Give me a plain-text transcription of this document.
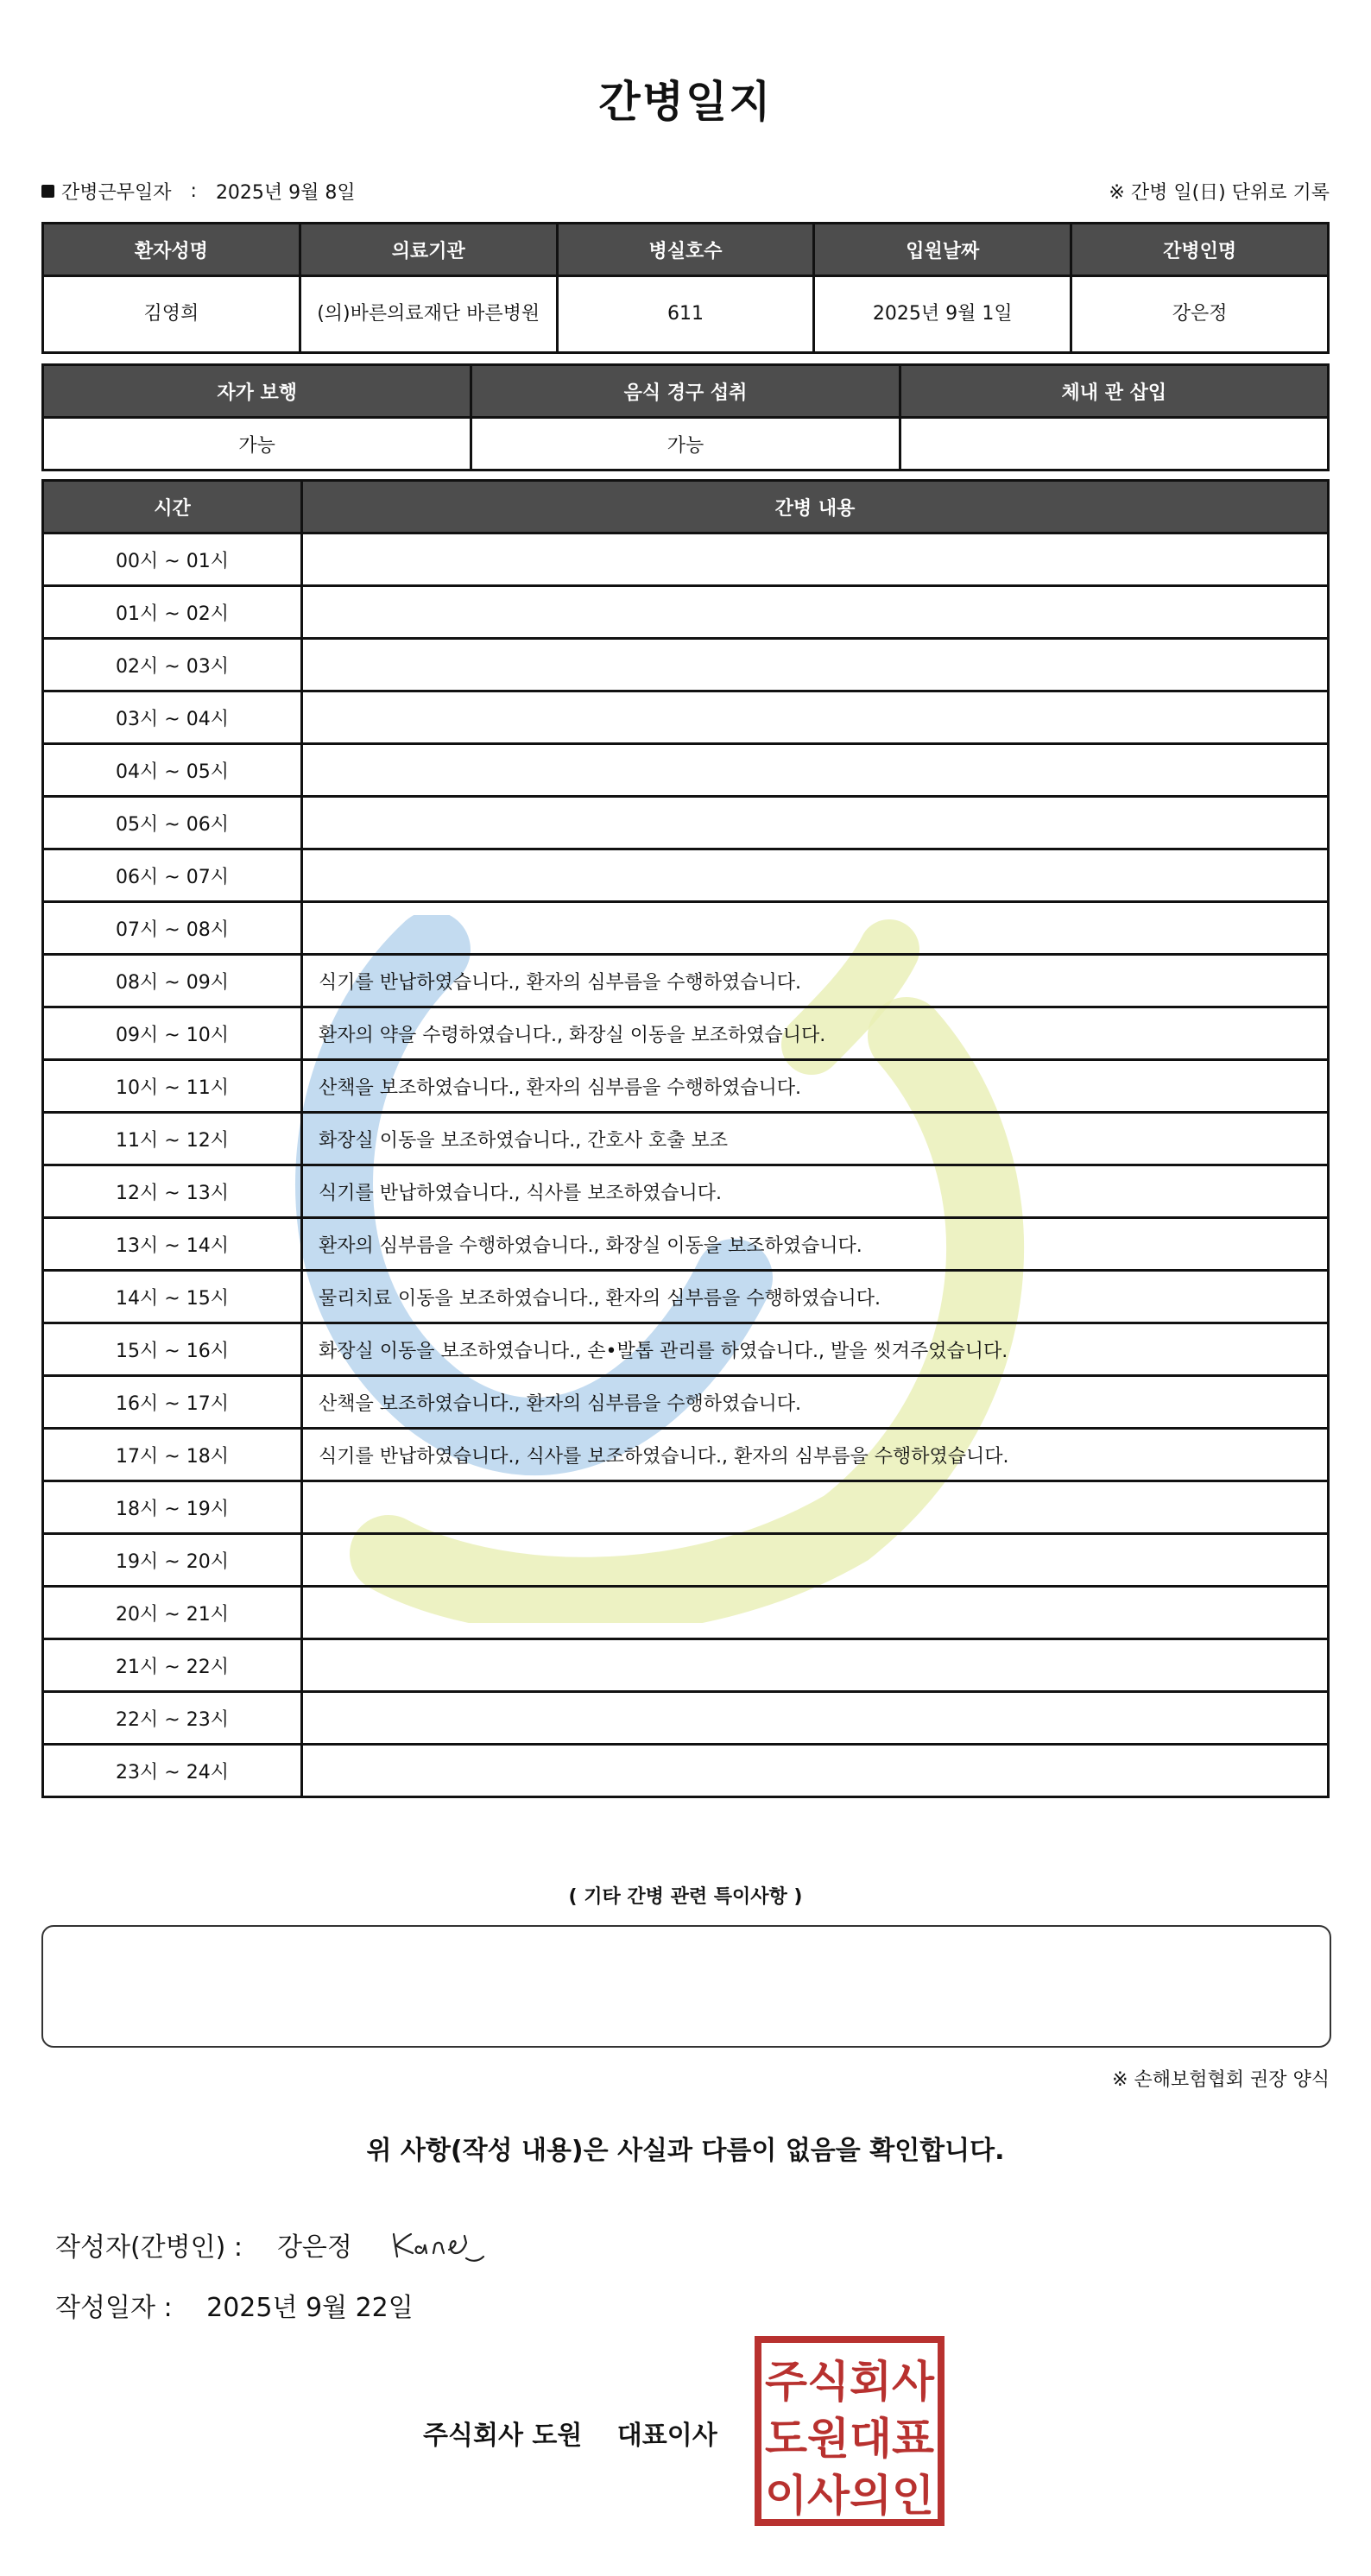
간병일지
간병근무일자 : 2025년 9월 8일	※ 간병 일(日) 단위로 기록
환자성명	의료기관	병실호수	입원날짜	간병인명
김영희	(의)바른의료재단 바른병원	611	2025년 9월 1일	강은정
자가 보행	음식 경구 섭취	체내 관 삽입
가능	가능	
시간	간병 내용
00시 ~ 01시	
01시 ~ 02시	
02시 ~ 03시	
03시 ~ 04시	
04시 ~ 05시	
05시 ~ 06시	
06시 ~ 07시	
07시 ~ 08시	
08시 ~ 09시	식기를 반납하였습니다., 환자의 심부름을 수행하였습니다.
09시 ~ 10시	환자의 약을 수령하였습니다., 화장실 이동을 보조하였습니다.
10시 ~ 11시	산책을 보조하였습니다., 환자의 심부름을 수행하였습니다.
11시 ~ 12시	화장실 이동을 보조하였습니다., 간호사 호출 보조
12시 ~ 13시	식기를 반납하였습니다., 식사를 보조하였습니다.
13시 ~ 14시	환자의 심부름을 수행하였습니다., 화장실 이동을 보조하였습니다.
14시 ~ 15시	물리치료 이동을 보조하였습니다., 환자의 심부름을 수행하였습니다.
15시 ~ 16시	화장실 이동을 보조하였습니다., 손•발톱 관리를 하였습니다., 발을 씻겨주었습니다.
16시 ~ 17시	산책을 보조하였습니다., 환자의 심부름을 수행하였습니다.
17시 ~ 18시	식기를 반납하였습니다., 식사를 보조하였습니다., 환자의 심부름을 수행하였습니다.
18시 ~ 19시	
19시 ~ 20시	
20시 ~ 21시	
21시 ~ 22시	
22시 ~ 23시	
23시 ~ 24시	
( 기타 간병 관련 특이사항 )
※ 손해보험협회 권장 양식
위 사항(작성 내용)은 사실과 다름이 없음을 확인합니다.
작성자(간병인) : 강은정
작성일자 : 2025년 9월 22일
주식회사 도원 대표이사
주식회사
도원대표
이사의인
